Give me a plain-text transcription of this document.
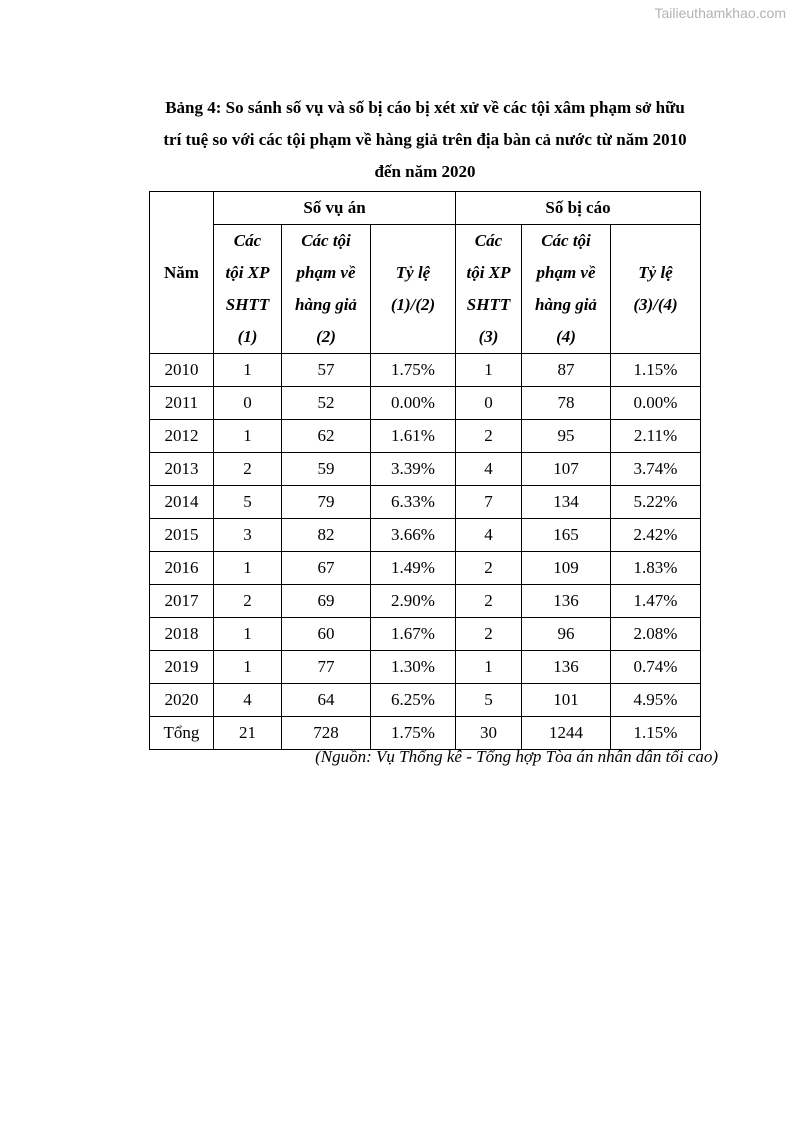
Tailieuthamkhao.com
Bảng 4: So sánh số vụ và số bị cáo bị xét xử về các tội xâm phạm sở hữu
trí tuệ so với các tội phạm về hàng giả trên địa bàn cả nước từ năm 2010
đến năm 2020
Năm	Số vụ án			Số bị cáo		

	Các
tội XP
SHTT
(1)	Các tội
phạm về
hàng giả
(2)	Tỷ lệ
(1)/(2)	Các
tội XP
SHTT
(3)	Các tội
phạm về
hàng giả
(4)	Tỷ lệ
(3)/(4)

2010	1	57	1.75%	1	87	1.15%
2011	0	52	0.00%	0	78	0.00%
2012	1	62	1.61%	2	95	2.11%
2013	2	59	3.39%	4	107	3.74%
2014	5	79	6.33%	7	134	5.22%
2015	3	82	3.66%	4	165	2.42%
2016	1	67	1.49%	2	109	1.83%
2017	2	69	2.90%	2	136	1.47%
2018	1	60	1.67%	2	96	2.08%
2019	1	77	1.30%	1	136	0.74%
2020	4	64	6.25%	5	101	4.95%
Tổng	21	728	1.75%	30	1244	1.15%
(Nguồn: Vụ Thống kê - Tổng hợp Tòa án nhân dân tối cao)
